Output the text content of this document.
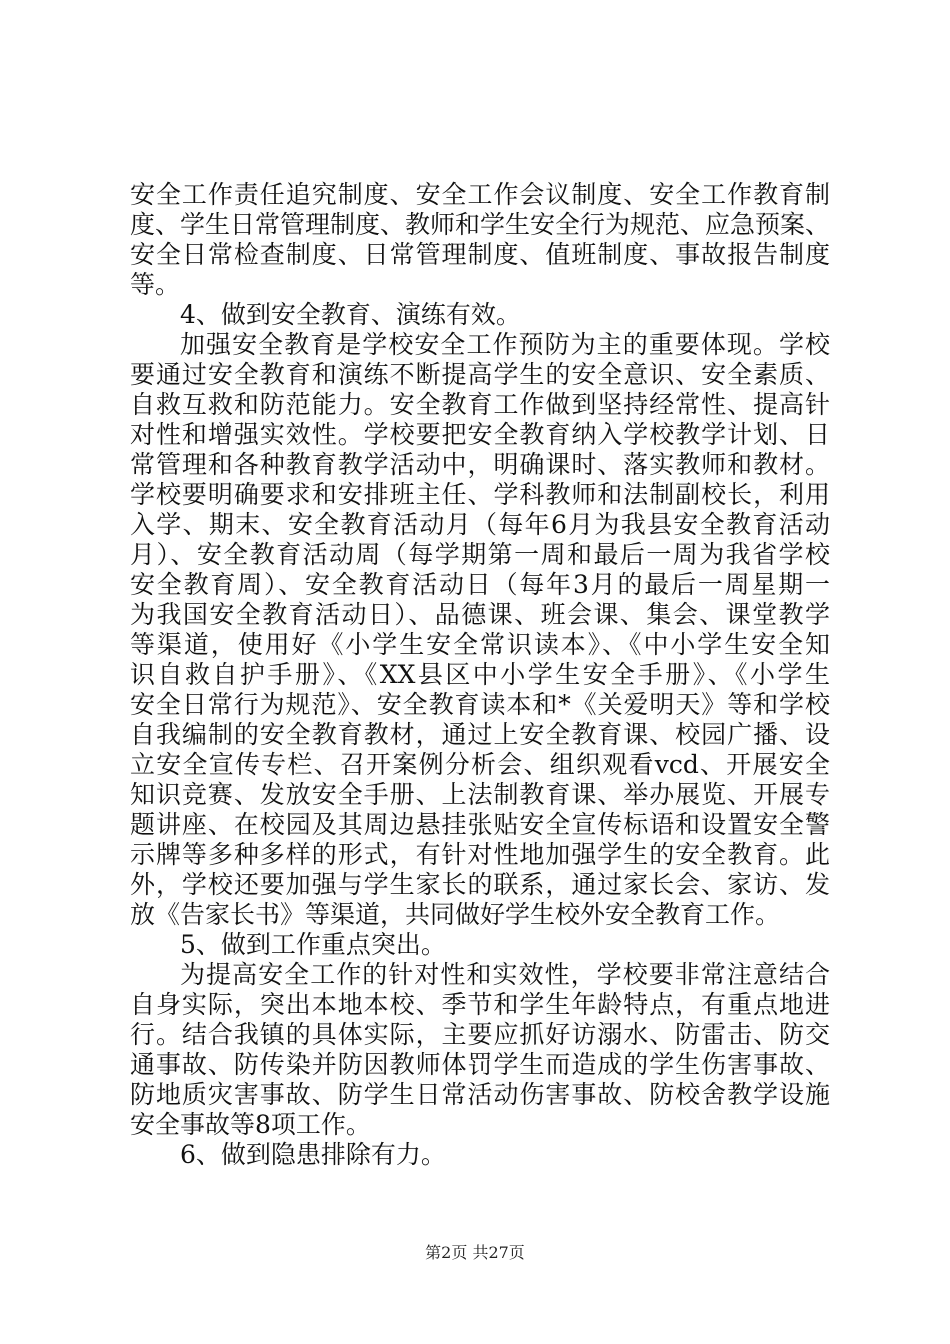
安全工作责任追究制度、安全工作会议制度、安全工作教育制
度、学生日常管理制度、教师和学生安全行为规范、应急预案、
安全日常检查制度、日常管理制度、值班制度、事故报告制度
等。
4、做到安全教育、演练有效。
加强安全教育是学校安全工作预防为主的重要体现。学校
要通过安全教育和演练不断提高学生的安全意识、安全素质、
自救互救和防范能力。安全教育工作做到坚持经常性、提高针
对性和增强实效性。学校要把安全教育纳入学校教学计划、日
常管理和各种教育教学活动中，明确课时、落实教师和教材。
学校要明确要求和安排班主任、学科教师和法制副校长，利用
入学、期末、安全教育活动月（每年6月为我县安全教育活动
月）、安全教育活动周（每学期第一周和最后一周为我省学校
安全教育周）、安全教育活动日（每年3月的最后一周星期一
为我国安全教育活动日）、品德课、班会课、集会、课堂教学
等渠道，使用好《小学生安全常识读本》、《中小学生安全知
识自救自护手册》、《XX县区中小学生安全手册》、《小学生
安全日常行为规范》、安全教育读本和*《关爱明天》等和学校
自我编制的安全教育教材，通过上安全教育课、校园广播、设
立安全宣传专栏、召开案例分析会、组织观看vcd、开展安全
知识竞赛、发放安全手册、上法制教育课、举办展览、开展专
题讲座、在校园及其周边悬挂张贴安全宣传标语和设置安全警
示牌等多种多样的形式，有针对性地加强学生的安全教育。此
外，学校还要加强与学生家长的联系，通过家长会、家访、发
放《告家长书》等渠道，共同做好学生校外安全教育工作。
5、做到工作重点突出。
为提高安全工作的针对性和实效性，学校要非常注意结合
自身实际，突出本地本校、季节和学生年龄特点，有重点地进
行。结合我镇的具体实际，主要应抓好访溺水、防雷击、防交
通事故、防传染并防因教师体罚学生而造成的学生伤害事故、
防地质灾害事故、防学生日常活动伤害事故、防校舍教学设施
安全事故等8项工作。
6、做到隐患排除有力。
第2页 共27页
